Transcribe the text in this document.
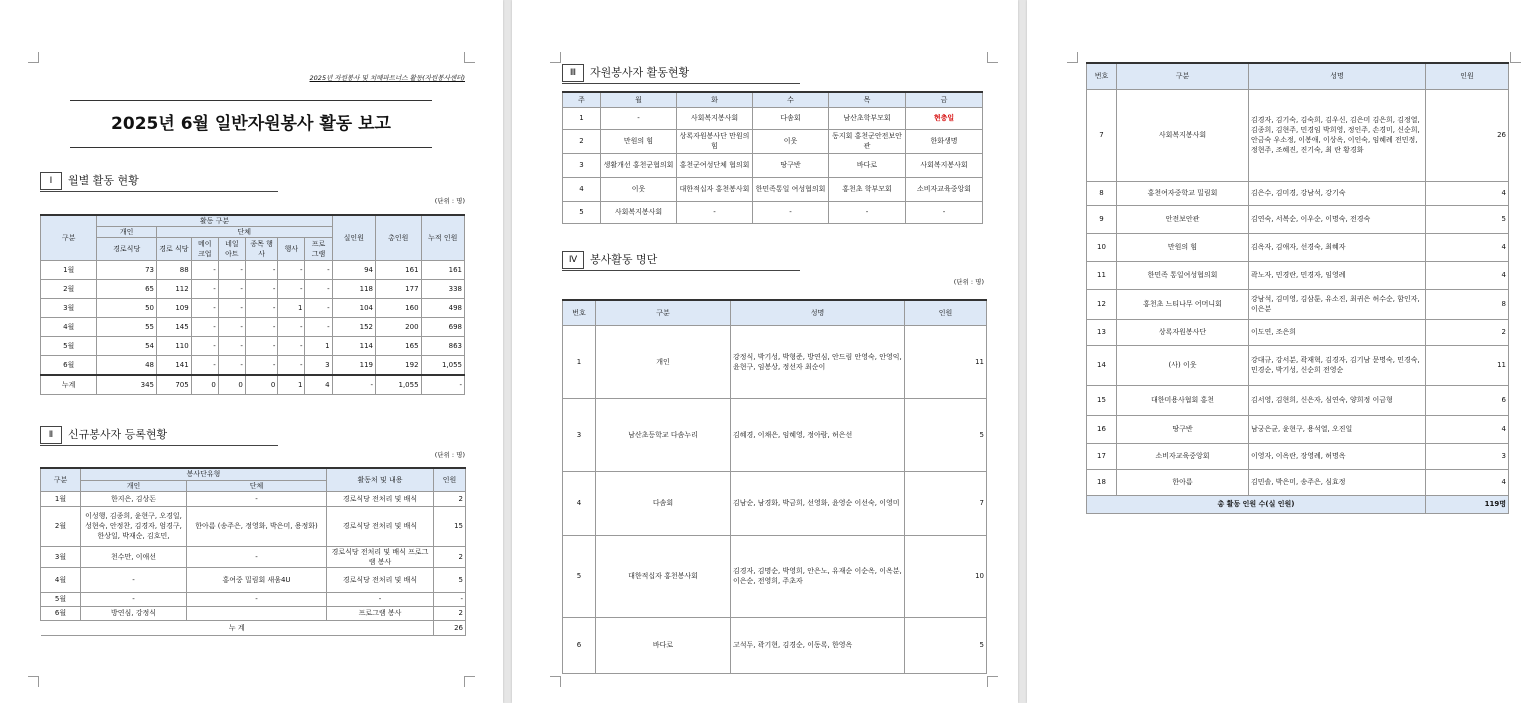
2025년 자원봉사 및 치매파트너스 활동(자원봉사센터)
2025년 6월 일반자원봉사 활동 보고
Ⅰ 월별 활동 현황
(단위 : 명)
구분	활동 구분							실인원	총인원	누적 인원
	개인	단체								
	경로식당	경로 식당	메이 크업	네일 아트	종목 행사	행사	프로 그램			
1월	73	88	-	-	-	-	-	94	161	161
2월	65	112	-	-	-	-	-	118	177	338
3월	50	109	-	-	-	1	-	104	160	498
4월	55	145	-	-	-	-	-	152	200	698
5월	54	110	-	-	-	-	1	114	165	863
6월	48	141	-	-	-	-	3	119	192	1,055
누계	345	705	0	0	0	1	4	-	1,055	-
Ⅱ 신규봉사자 등록현황
(단위 : 명)
구분	봉사단유형		활동처 및 내용	인원
	개인	단체		
1월	한지은, 김상돈	-	경로식당 전처리 및 배식	2
2월	이성행, 김종희, 윤현구, 오경일, 성현숙, 안정찬, 김경자, 엄경구, 한상일, 박재순, 김호민,	한아름 (송주은, 정영화, 박은미, 용정화)	경로식당 전처리 및 배식	15
3월	천수만, 이애선	-	경로식당 전처리 및 배식 프로그램 봉사	2
4월	-	홍여중 밀림회 새움4U	경로식당 전처리 및 배식	5
5월	-	-	-	-
6월	방연심, 강정식		프로그램 봉사	2
누 계				26
Ⅲ 자원봉사자 활동현황
주	월	화	수	목	금
1	-	사회복지봉사회	다솜회	남산초학부모회	현충일
2	만원의 힘	상록자원봉사단 만원의 힘	이웃	동지회 홍천군안전보안관	한화생명
3	생활개선 홍천군협의회	홍천군여성단체 협의회	땅구반	바다로	사회복지봉사회
4	이웃	대한적십자 홍천봉사회	한민족통일 여성협의회	홍천초 학부모회	소비자교육중앙회
5	사회복지봉사회	-	-	-	-
Ⅳ 봉사활동 명단
(단위 : 명)
번호	구분	성명	인원
1	개인	강정식, 박기성, 박형준, 방연심, 안드림 안영숙, 안영익, 윤현구, 임봉상, 정선자 최순이	11
3	남산초등학교 다솜누리	김혜경, 이채은, 임혜영, 정아람, 허은선	5
4	다솜회	김남순, 남경화, 박금희, 선영화, 윤영순 이선숙, 이영미	7
5	대한적십자 홍천봉사회	김경자, 김명순, 박영희, 안은노, 유재순 이순옥, 이옥분, 이은순, 전영희, 주초자	10
6	바다로	고석두, 곽기현, 김경순, 이동록, 한영옥	5
번호	구분	성명	인원
7	사회복지봉사회	김경자, 김기숙, 김숙희, 김우신, 김은미 김은희, 김정열, 김종희, 김현주, 민경임 박희영, 정인주, 손경미, 신순희, 안금숙 우소정, 이봉애, 이상옥, 이인숙, 임혜례 전민정, 정현주, 조혜진, 진기숙, 최 란 황경화	26
8	홍천여자중학교 밀림회	김은수, 김미경, 강남석, 강기숙	4
9	안전보안관	김연숙, 서복순, 이우순, 이명숙, 전경숙	5
10	만원의 힘	김옥자, 김애자, 선경숙, 최혜자	4
11	한민족 통일여성협의회	곽노자, 민경란, 민경자, 임영례	4
12	홍천초 느티나무 어머니회	강남석, 김미영, 김삼툰, 유소진, 최귀은 허수순, 함인자, 이은분	8
13	상록자원봉사단	이도연, 조은희	2
14	(사) 이웃	강대규, 강서분, 곽재혁, 김경자, 김기남 문명숙, 민경숙, 민경순, 박기성, 신순희 전영순	11
15	대한미용사협회 홍천	김서영, 김현희, 신은자, 심연숙, 양희정 이금형	6
16	땅구반	남궁은균, 윤현구, 용석열, 오진일	4
17	소비자교육중앙회	이영자, 이옥란, 장영례, 허명옥	3
18	한아름	김민솔, 박은미, 송주은, 심효정	4
총 활동 인원 수(실 인원)			119명
